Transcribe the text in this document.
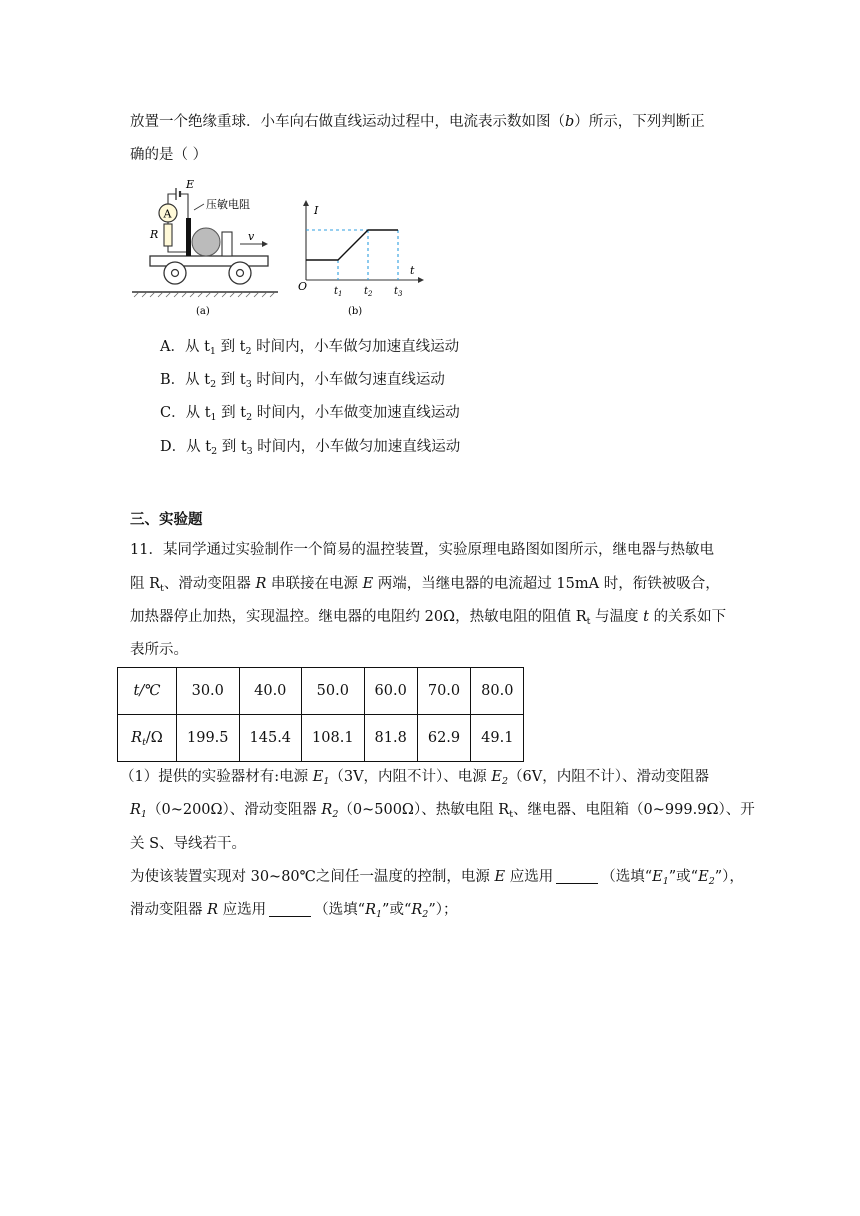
放置一个绝缘重球．小车向右做直线运动过程中，电流表示数如图（b）所示，下列判断正
确的是（ ）
A
E
R
压敏电阻
v
(a)
I
t
O	$t_1$ $t_2$ $t_3$
(b)
A．从 $t_1$ 到 $t_2$ 时间内，小车做匀加速直线运动
B．从 $t_2$ 到 $t_3$ 时间内，小车做匀速直线运动
C．从 $t_1$ 到 $t_2$ 时间内，小车做变加速直线运动
D．从 $t_2$ 到 $t_3$ 时间内，小车做匀加速直线运动
三、实验题
11．某同学通过实验制作一个简易的温控装置，实验原理电路图如图所示，继电器与热敏电
阻 $R_t$、滑动变阻器 R 串联接在电源 E 两端，当继电器的电流超过 15mA 时，衔铁被吸合，
加热器停止加热，实现温控。继电器的电阻约 20Ω，热敏电阻的阻值 $R_t$ 与温度 t 的关系如下
表所示。
t/℃	30.0	40.0	50.0	60.0	70.0	80.0
$R_t/\Omega$	199.5	145.4	108.1	81.8	62.9	49.1
（1）提供的实验器材有:电源 $E_1(3V$，内阻不计）、电源 $E_2(6V$，内阻不计）、滑动变阻器
$R_1(0\sim 200\Omega)$、滑动变阻器 $R_2(0\sim 500\Omega)$、热敏电阻 $R_t$、继电器、电阻箱（0~999.9Ω）、开
关 S、导线若干。
为使该装置实现对 30~80℃之间任一温度的控制，电源 E 应选用	（选填“$E_1$”或“$E_2$”），
滑动变阻器 R 应选用	（选填“$R_1$”或“$R_2$”）；
